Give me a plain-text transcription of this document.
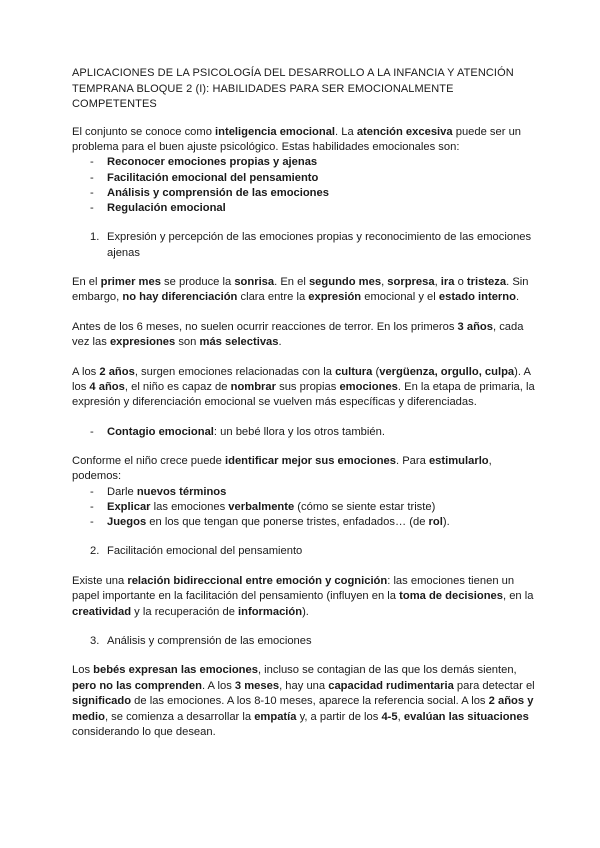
APLICACIONES DE LA PSICOLOGÍA DEL DESARROLLO A LA INFANCIA Y ATENCIÓN TEMPRANA BLOQUE 2 (I): HABILIDADES PARA SER EMOCIONALMENTE COMPETENTES

El conjunto se conoce como inteligencia emocional. La atención excesiva puede ser un problema para el buen ajuste psicológico. Estas habilidades emocionales son:

- Reconocer emociones propias y ajenas
- Facilitación emocional del pensamiento
- Análisis y comprensión de las emociones
- Regulación emocional
1. Expresión y percepción de las emociones propias y reconocimiento de las emociones ajenas

En el primer mes se produce la sonrisa. En el segundo mes, sorpresa, ira o tristeza. Sin embargo, no hay diferenciación clara entre la expresión emocional y el estado interno.

Antes de los 6 meses, no suelen ocurrir reacciones de terror. En los primeros 3 años, cada vez las expresiones son más selectivas.

A los 2 años, surgen emociones relacionadas con la cultura (vergüenza, orgullo, culpa). A los 4 años, el niño es capaz de nombrar sus propias emociones. En la etapa de primaria, la expresión y diferenciación emocional se vuelven más específicas y diferenciadas.

- Contagio emocional: un bebé llora y los otros también.

Conforme el niño crece puede identificar mejor sus emociones. Para estimularlo, podemos:

- Darle nuevos términos
- Explicar las emociones verbalmente (cómo se siente estar triste)
- Juegos en los que tengan que ponerse tristes, enfadados… (de rol).
2. Facilitación emocional del pensamiento

Existe una relación bidireccional entre emoción y cognición: las emociones tienen un papel importante en la facilitación del pensamiento (influyen en la toma de decisiones, en la creatividad y la recuperación de información).

3. Análisis y comprensión de las emociones

Los bebés expresan las emociones, incluso se contagian de las que los demás sienten, pero no las comprenden. A los 3 meses, hay una capacidad rudimentaria para detectar el significado de las emociones. A los 8-10 meses, aparece la referencia social. A los 2 años y medio, se comienza a desarrollar la empatía y, a partir de los 4-5, evalúan las situaciones considerando lo que desean.
